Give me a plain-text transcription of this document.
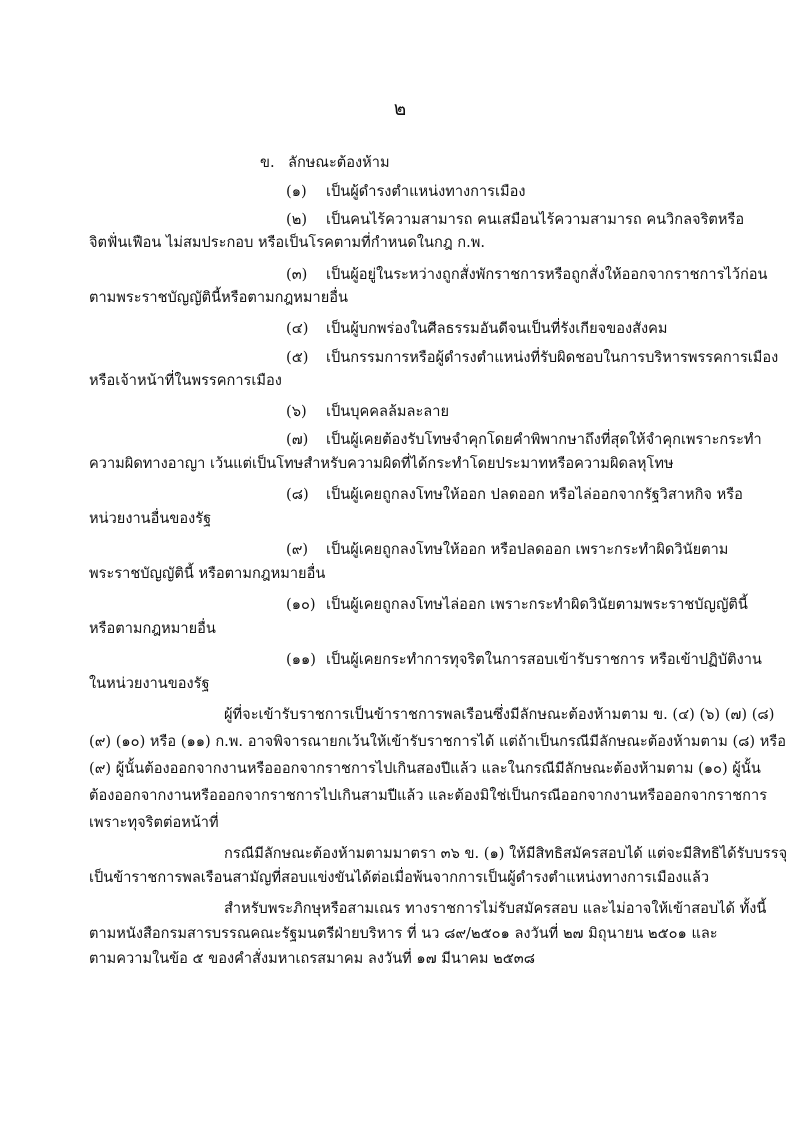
๒
ข. ลักษณะต้องห้าม
(๑) เป็นผู้ดำรงตำแหน่งทางการเมือง
(๒) เป็นคนไร้ความสามารถ คนเสมือนไร้ความสามารถ คนวิกลจริตหรือ
จิตฟั่นเฟือน ไม่สมประกอบ หรือเป็นโรคตามที่กำหนดในกฎ ก.พ.
(๓) เป็นผู้อยู่ในระหว่างถูกสั่งพักราชการหรือถูกสั่งให้ออกจากราชการไว้ก่อน
ตามพระราชบัญญัตินี้หรือตามกฎหมายอื่น
(๔) เป็นผู้บกพร่องในศีลธรรมอันดีจนเป็นที่รังเกียจของสังคม
(๕) เป็นกรรมการหรือผู้ดำรงตำแหน่งที่รับผิดชอบในการบริหารพรรคการเมือง
หรือเจ้าหน้าที่ในพรรคการเมือง
(๖) เป็นบุคคลล้มละลาย
(๗) เป็นผู้เคยต้องรับโทษจำคุกโดยคำพิพากษาถึงที่สุดให้จำคุกเพราะกระทำ
ความผิดทางอาญา เว้นแต่เป็นโทษสำหรับความผิดที่ได้กระทำโดยประมาทหรือความผิดลหุโทษ
(๘) เป็นผู้เคยถูกลงโทษให้ออก ปลดออก หรือไล่ออกจากรัฐวิสาหกิจ หรือ
หน่วยงานอื่นของรัฐ
(๙) เป็นผู้เคยถูกลงโทษให้ออก หรือปลดออก เพราะกระทำผิดวินัยตาม
พระราชบัญญัตินี้ หรือตามกฎหมายอื่น
(๑๐) เป็นผู้เคยถูกลงโทษไล่ออก เพราะกระทำผิดวินัยตามพระราชบัญญัตินี้
หรือตามกฎหมายอื่น
(๑๑) เป็นผู้เคยกระทำการทุจริตในการสอบเข้ารับราชการ หรือเข้าปฏิบัติงาน
ในหน่วยงานของรัฐ
ผู้ที่จะเข้ารับราชการเป็นข้าราชการพลเรือนซึ่งมีลักษณะต้องห้ามตาม ข. (๔) (๖) (๗) (๘)
(๙) (๑๐) หรือ (๑๑) ก.พ. อาจพิจารณายกเว้นให้เข้ารับราชการได้ แต่ถ้าเป็นกรณีมีลักษณะต้องห้ามตาม (๘) หรือ
(๙) ผู้นั้นต้องออกจากงานหรือออกจากราชการไปเกินสองปีแล้ว และในกรณีมีลักษณะต้องห้ามตาม (๑๐) ผู้นั้น
ต้องออกจากงานหรือออกจากราชการไปเกินสามปีแล้ว และต้องมิใช่เป็นกรณีออกจากงานหรือออกจากราชการ
เพราะทุจริตต่อหน้าที่
กรณีมีลักษณะต้องห้ามตามมาตรา ๓๖ ข. (๑) ให้มีสิทธิสมัครสอบได้ แต่จะมีสิทธิได้รับบรรจุ
เป็นข้าราชการพลเรือนสามัญที่สอบแข่งขันได้ต่อเมื่อพ้นจากการเป็นผู้ดำรงตำแหน่งทางการเมืองแล้ว
สำหรับพระภิกษุหรือสามเณร ทางราชการไม่รับสมัครสอบ และไม่อาจให้เข้าสอบได้ ทั้งนี้
ตามหนังสือกรมสารบรรณคณะรัฐมนตรีฝ่ายบริหาร ที่ นว ๘๙/๒๕๐๑ ลงวันที่ ๒๗ มิถุนายน ๒๕๐๑ และ
ตามความในข้อ ๕ ของคำสั่งมหาเถรสมาคม ลงวันที่ ๑๗ มีนาคม ๒๕๓๘
